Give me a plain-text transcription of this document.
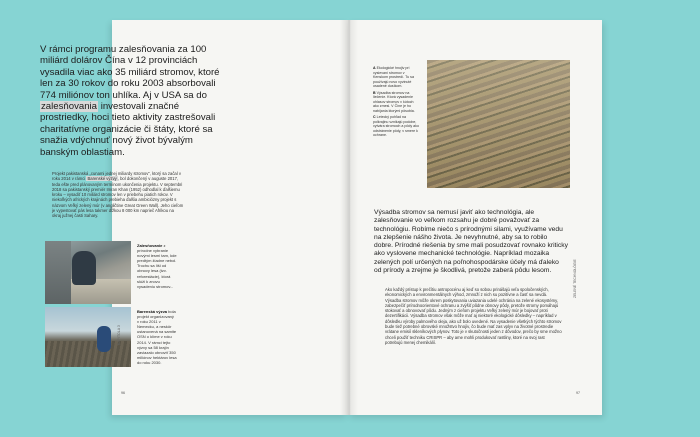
V rámci programu zalesňovania za 100 miliárd dolárov Čína v 12 provinciách vysadila viac ako 35 miliárd stromov, ktoré len za 30 rokov do roku 2003 absorbovali 774 miliónov ton uhlíka. Aj v USA sa do zalesňovania investovali značné prostriedky, hoci tieto aktivity zastrešovali charitatívne organizácie či štáty, ktoré sa snažia vdýchnuť nový život bývalým banským oblastiam.

Projekt pakistanská „cunami jednej miliardy stromov“, ktorý sa začal v roku 2014 v rámci Barenské výzvy, bol dokončený v auguste 2017, teda ešte pred plánovaným termínom ukončenia projektu. V septembri 2018 sa pakistanský premiér Imran Khan (1952) odhodlal k ďalšiemu kroku – vysadiť 10 miliárd stromov len v priebehu piatich rokov. V niekoľkých afrických krajinách prebieha ďalšia ambiciózny projekt s názvom Veľký zelený múr (v angličtine Great Green Wall). Jeho cieľom je vypestovať pás lesa takmer dĺžkou 8 000 km naprieč Afrikou na okraj južnej časti Sahary.
Zalesňovanie z prírodne vybranie novými lesmi tam, kde predtým žiadne nebol. Trochu sa líši od obnovy lesa (tzv. reforestácie), ktorá slúži k znovu vysadeniu stromov...
Barenská výzva bola projekt organizovaný v roku 2011 v Nemecku, a neskôr ustanovená na samite OSN o klíme v roku 2014. V rámci tejto výzvy sa 58 krajín zaviazalo obnoviť 350 miliónov hektárov lesa do roku 2030.
KAPITOLA 3
96
A Ekologické hnojiv pri vysievaní stromov v Kenskom prostredí. Tu sa používajú novo vyvinuté osadené dusíkom.
B Výsadba stromov na liečenie. Ktorá vysadenie ohlasov stromov v kútoch ako zmesi. V Číne je ho nabíjania ktorými pôsobia.
C Letecký pohľad na polkrajinu vznikajú podobe, vytvára stromoch a pôdy ako odstránenie pôdy, v smere k ochrane.

Výsadba stromov sa nemusí javiť ako technológia, ale zalesňovanie vo veľkom rozsahu je dobré považovať za technológiu. Robíme niečo s prírodnými silami, využívame vedu na zlepšenie nášho života. Je nevyhnutné, aby sa to robilo dobre. Prírodné riešenia by sme mali posudzovať rovnako kriticky ako vyslovene mechanické technológie. Napríklad mozaika zelených polí určených na poľnohospodárske účely má ďaleko od prírody a zrejme je škodlivá, pretože zaberá pôdu lesom.

Ako každý prístup k prečítiu antropocénu aj keď so sobou prinášajú veľa spoločenských, ekonomických a environmentálnych výhod, zmnoží z nich su pozitívne a časť sa nevdá. Výsadba stromov môže okrem poskytovania uviazania udelé ochránia na zelené ekosystémy, zabezpečiť prírodnoorientové ochranu a zvýšiť pôdne obnovy pôdy, pretože stromy pomáhajú stokovať a obnovovať pôdu. Jedným z cieľom projektu Veľký zelený múr je bojovať proti dezertifikácii. Výsadba stromov však môže mať aj niektoré ekologické dôsledky – napríklad v dôsledku výroby palmového oleja, ako už bolo uvedené. Na vysadenie všetkých týchto stromov bude tiež potrebné obrovské množstvo hnojív, čo bude mať zas vplyv na životné prostredie vrátane emisií skleníkových plynov. Toto je v skutočnosti jeden z dôvodov, prečo by sme možno chceli použiť techniku CRISPR – aby ame mohli produkovať rastliny, ktoré na svoj rast potrebujú menej chemikálií.
ZELENÉ TECHNOLÓGIE
97
